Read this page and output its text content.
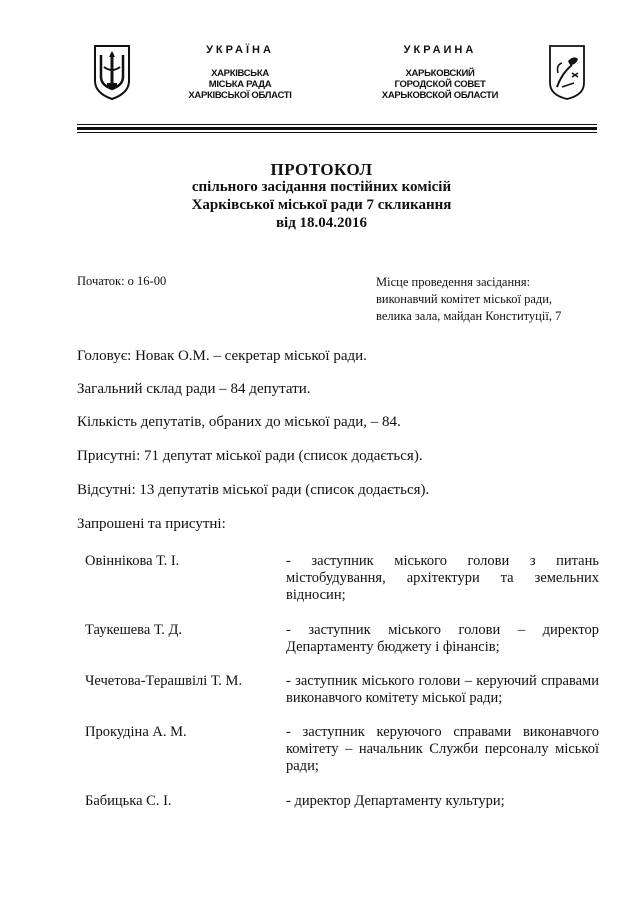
УКРАЇНА
ХАРКІВСЬКА
МІСЬКА РАДА
ХАРКІВСЬКОЇ ОБЛАСТІ
УКРАИНА
ХАРЬКОВСКИЙ
ГОРОДСКОЙ СОВЕТ
ХАРЬКОВСКОЙ ОБЛАСТИ
ПРОТОКОЛ
спільного засідання постійних комісій
Харківської міської ради 7 скликання
від 18.04.2016
Початок: о 16-00	Місце проведення засідання:
виконавчий комітет міської ради,
велика зала, майдан Конституції, 7
Головує: Новак О.М. – секретар міської ради.
Загальний склад ради – 84 депутати.
Кількість депутатів, обраних до міської ради, – 84.
Присутні: 71 депутат міської ради (список додається).
Відсутні: 13 депутатів міської ради (список додається).
Запрошені та присутні:
Овіннікова Т. І.	- заступник міського голови з питань містобудування, архітектури та земельних відносин;
Таукешева Т. Д.	- заступник міського голови – директор Департаменту бюджету і фінансів;
Чечетова-Терашвілі Т. М.	- заступник міського голови – керуючий справами виконавчого комітету міської ради;
Прокудіна А. М.	- заступник керуючого справами виконавчого комітету – начальник Служби персоналу міської ради;
Бабицька С. І.	- директор Департаменту культури;
